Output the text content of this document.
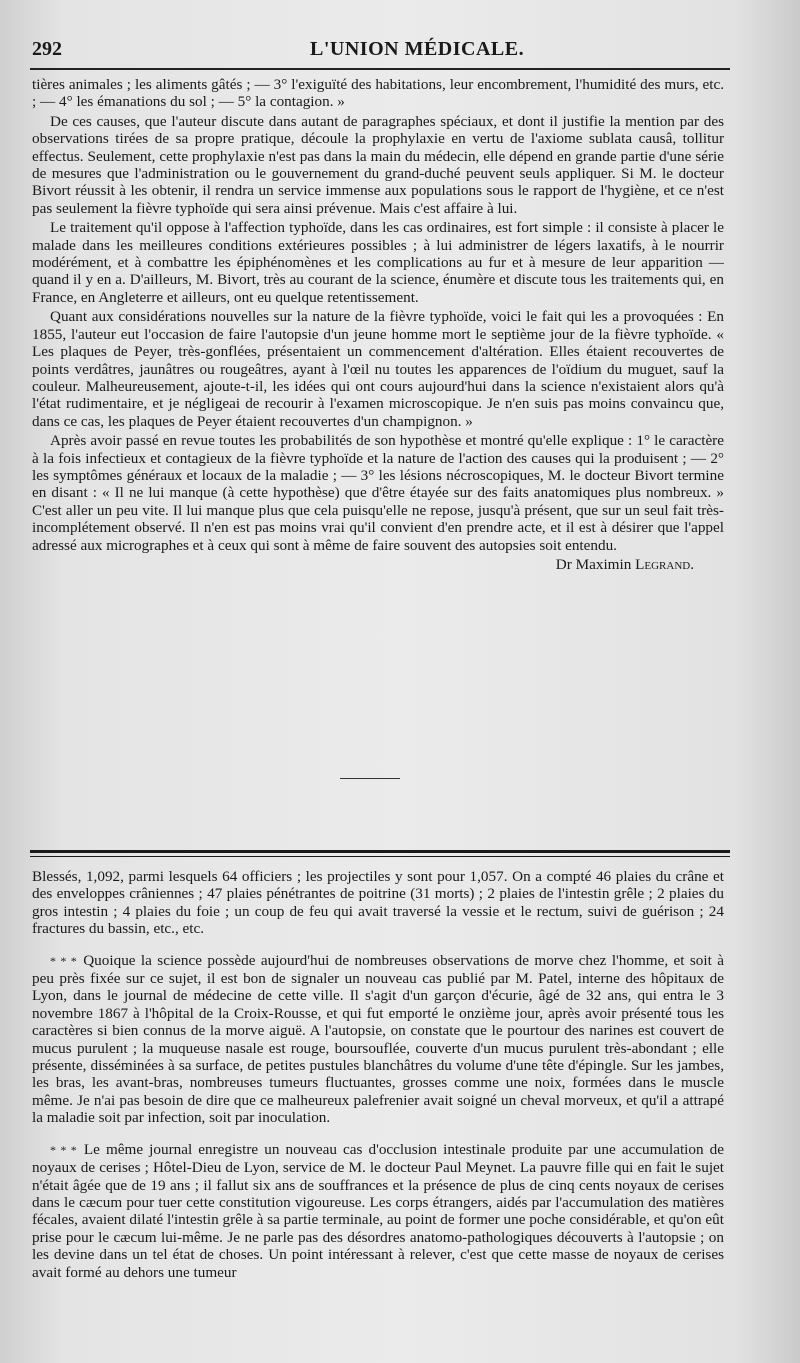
292	L'UNION MÉDICALE.

tières animales ; les aliments gâtés ; — 3° l'exiguïté des habitations, leur encombrement, l'humidité des murs, etc. ; — 4° les émanations du sol ; — 5° la contagion. »

De ces causes, que l'auteur discute dans autant de paragraphes spéciaux, et dont il justifie la mention par des observations tirées de sa propre pratique, découle la prophylaxie en vertu de l'axiome sublata causâ, tollitur effectus. Seulement, cette prophylaxie n'est pas dans la main du médecin, elle dépend en grande partie d'une série de mesures que l'administration ou le gouvernement du grand-duché peuvent seuls appliquer. Si M. le docteur Bivort réussit à les obtenir, il rendra un service immense aux populations sous le rapport de l'hygiène, et ce n'est pas seulement la fièvre typhoïde qui sera ainsi prévenue. Mais c'est affaire à lui.

Le traitement qu'il oppose à l'affection typhoïde, dans les cas ordinaires, est fort simple : il consiste à placer le malade dans les meilleures conditions extérieures possibles ; à lui administrer de légers laxatifs, à le nourrir modérément, et à combattre les épiphénomènes et les complications au fur et à mesure de leur apparition — quand il y en a. D'ailleurs, M. Bivort, très au courant de la science, énumère et discute tous les traitements qui, en France, en Angleterre et ailleurs, ont eu quelque retentissement.

Quant aux considérations nouvelles sur la nature de la fièvre typhoïde, voici le fait qui les a provoquées : En 1855, l'auteur eut l'occasion de faire l'autopsie d'un jeune homme mort le septième jour de la fièvre typhoïde. « Les plaques de Peyer, très-gonflées, présentaient un commencement d'altération. Elles étaient recouvertes de points verdâtres, jaunâtres ou rougeâtres, ayant à l'œil nu toutes les apparences de l'oïdium du muguet, sauf la couleur. Malheureusement, ajoute-t-il, les idées qui ont cours aujourd'hui dans la science n'existaient alors qu'à l'état rudimentaire, et je négligeai de recourir à l'examen microscopique. Je n'en suis pas moins convaincu que, dans ce cas, les plaques de Peyer étaient recouvertes d'un champignon. »

Après avoir passé en revue toutes les probabilités de son hypothèse et montré qu'elle explique : 1° le caractère à la fois infectieux et contagieux de la fièvre typhoïde et la nature de l'action des causes qui la produisent ; — 2° les symptômes généraux et locaux de la maladie ; — 3° les lésions nécroscopiques, M. le docteur Bivort termine en disant : « Il ne lui manque (à cette hypothèse) que d'être étayée sur des faits anatomiques plus nombreux. » C'est aller un peu vite. Il lui manque plus que cela puisqu'elle ne repose, jusqu'à présent, que sur un seul fait très-incomplétement observé. Il n'en est pas moins vrai qu'il convient d'en prendre acte, et il est à désirer que l'appel adressé aux micrographes et à ceux qui sont à même de faire souvent des autopsies soit entendu.

Dr Maximin Legrand.

Blessés, 1,092, parmi lesquels 64 officiers ; les projectiles y sont pour 1,057. On a compté 46 plaies du crâne et des enveloppes crâniennes ; 47 plaies pénétrantes de poitrine (31 morts) ; 2 plaies de l'intestin grêle ; 2 plaies du gros intestin ; 4 plaies du foie ; un coup de feu qui avait traversé la vessie et le rectum, suivi de guérison ; 24 fractures du bassin, etc., etc.

* * * Quoique la science possède aujourd'hui de nombreuses observations de morve chez l'homme, et soit à peu près fixée sur ce sujet, il est bon de signaler un nouveau cas publié par M. Patel, interne des hôpitaux de Lyon, dans le journal de médecine de cette ville. Il s'agit d'un garçon d'écurie, âgé de 32 ans, qui entra le 3 novembre 1867 à l'hôpital de la Croix-Rousse, et qui fut emporté le onzième jour, après avoir présenté tous les caractères si bien connus de la morve aiguë. A l'autopsie, on constate que le pourtour des narines est couvert de mucus purulent ; la muqueuse nasale est rouge, boursouflée, couverte d'un mucus purulent très-abondant ; elle présente, disséminées à sa surface, de petites pustules blanchâtres du volume d'une tête d'épingle. Sur les jambes, les bras, les avant-bras, nombreuses tumeurs fluctuantes, grosses comme une noix, formées dans le muscle même. Je n'ai pas besoin de dire que ce malheureux palefrenier avait soigné un cheval morveux, et qu'il a attrapé la maladie soit par infection, soit par inoculation.

* * * Le même journal enregistre un nouveau cas d'occlusion intestinale produite par une accumulation de noyaux de cerises ; Hôtel-Dieu de Lyon, service de M. le docteur Paul Meynet. La pauvre fille qui en fait le sujet n'était âgée que de 19 ans ; il fallut six ans de souffrances et la présence de plus de cinq cents noyaux de cerises dans le cæcum pour tuer cette constitution vigoureuse. Les corps étrangers, aidés par l'accumulation des matières fécales, avaient dilaté l'intestin grêle à sa partie terminale, au point de former une poche considérable, et qu'on eût prise pour le cæcum lui-même. Je ne parle pas des désordres anatomo-pathologiques découverts à l'autopsie ; on les devine dans un tel état de choses. Un point intéressant à relever, c'est que cette masse de noyaux de cerises avait formé au dehors une tumeur
